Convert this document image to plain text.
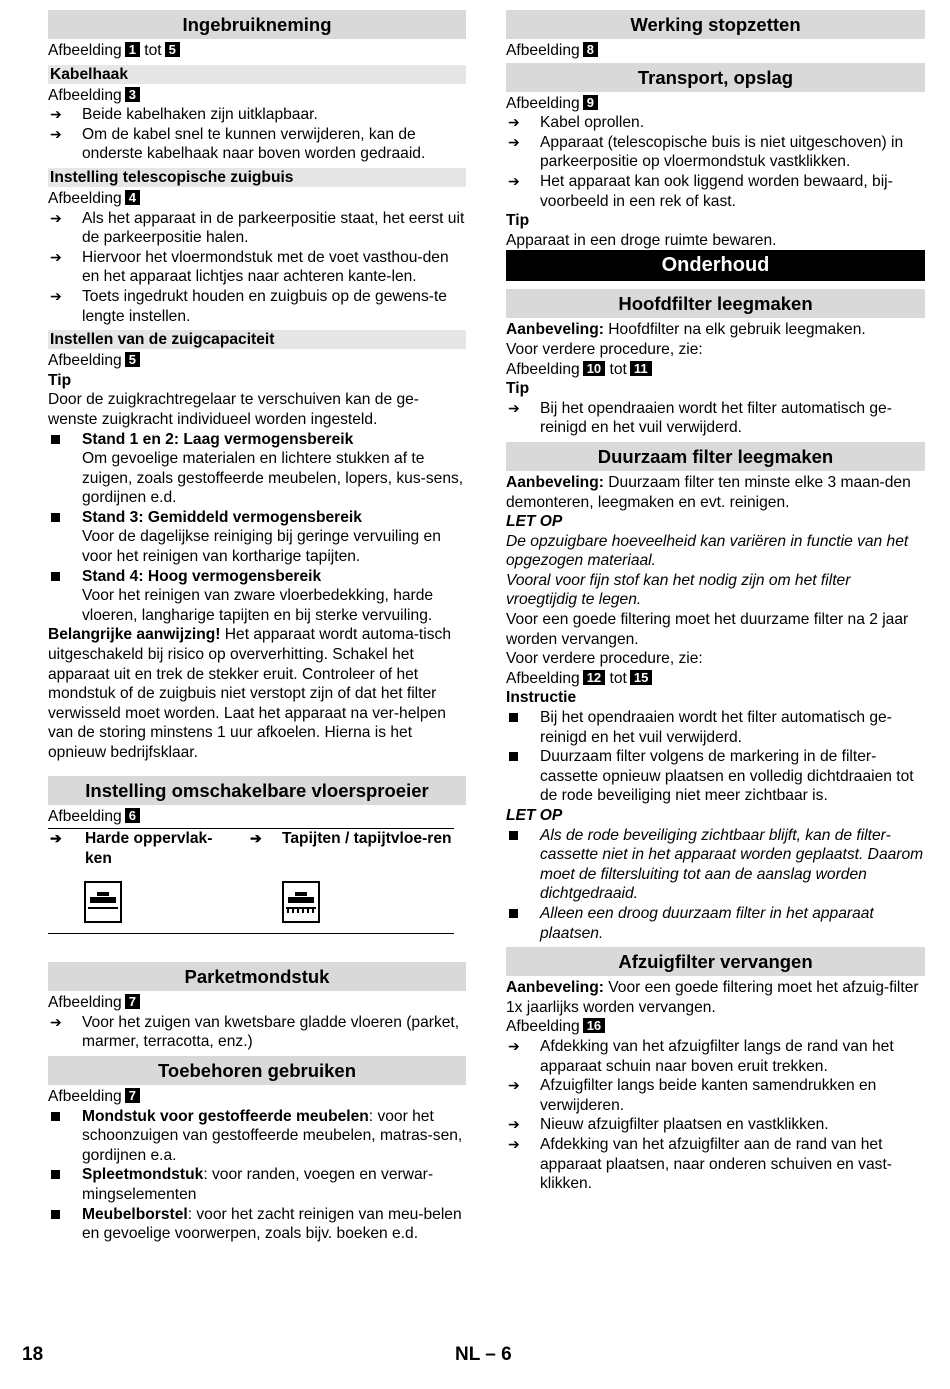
Ingebruikneming

Afbeelding 1 tot 5

Kabelhaak

Afbeelding 3

➔ Beide kabelhaken zijn uitklapbaar.

➔ Om de kabel snel te kunnen verwijderen, kan de onderste kabelhaak naar boven worden gedraaid.

Instelling telescopische zuigbuis

Afbeelding 4

➔ Als het apparaat in de parkeerpositie staat, het eerst uit de parkeerpositie halen.

➔ Hiervoor het vloermondstuk met de voet vasthou-den en het apparaat lichtjes naar achteren kante-len.

➔ Toets ingedrukt houden en zuigbuis op de gewens-te lengte instellen.

Instellen van de zuigcapaciteit

Afbeelding 5

Tip

Door de zuigkrachtregelaar te verschuiven kan de ge-wenste zuigkracht individueel worden ingesteld.

Stand 1 en 2: Laag vermogensbereik
Om gevoelige materialen en lichtere stukken af te zuigen, zoals gestoffeerde meubelen, lopers, kus-sens, gordijnen e.d.
Stand 3: Gemiddeld vermogensbereik
Voor de dagelijkse reiniging bij geringe vervuiling en voor het reinigen van kortharige tapijten.
Stand 4: Hoog vermogensbereik
Voor het reinigen van zware vloerbedekking, harde vloeren, langharige tapijten en bij sterke vervuiling.

Belangrijke aanwijzing! Het apparaat wordt automa-tisch uitgeschakeld bij risico op oververhitting. Schakel het apparaat uit en trek de stekker eruit. Controleer of het mondstuk of de zuigbuis niet verstopt zijn of dat het filter verwisseld moet worden. Laat het apparaat na ver-helpen van de storing minstens 1 uur afkoelen. Hierna is het opnieuw bedrijfsklaar.

Instelling omschakelbare vloersproeier

Afbeelding 6

➔ Harde oppervlak-ken

➔ Tapijten / tapijtvloe-ren

Parketmondstuk

Afbeelding 7

➔ Voor het zuigen van kwetsbare gladde vloeren (parket, marmer, terracotta, enz.)

Toebehoren gebruiken

Afbeelding 7

Mondstuk voor gestoffeerde meubelen: voor het schoonzuigen van gestoffeerde meubelen, matras-sen, gordijnen e.a.

Spleetmondstuk: voor randen, voegen en verwar-mingselementen

Meubelborstel: voor het zacht reinigen van meu-belen en gevoelige voorwerpen, zoals bijv. boeken e.d.

Werking stopzetten

Afbeelding 8

Transport, opslag

Afbeelding 9

➔ Kabel oprollen.

➔ Apparaat (telescopische buis is niet uitgeschoven) in parkeerpositie op vloermondstuk vastklikken.

➔ Het apparaat kan ook liggend worden bewaard, bij-voorbeeld in een rek of kast.

Tip

Apparaat in een droge ruimte bewaren.

Onderhoud
Hoofdfilter leegmaken

Aanbeveling: Hoofdfilter na elk gebruik leegmaken.

Voor verdere procedure, zie:

Afbeelding 10 tot 11

Tip

➔ Bij het opendraaien wordt het filter automatisch ge-reinigd en het vuil verwijderd.

Duurzaam filter leegmaken

Aanbeveling: Duurzaam filter ten minste elke 3 maan-den demonteren, leegmaken en evt. reinigen.

LET OP

De opzuigbare hoeveelheid kan variëren in functie van het opgezogen materiaal.

Vooral voor fijn stof kan het nodig zijn om het filter vroegtijdig te legen.

Voor een goede filtering moet het duurzame filter na 2 jaar worden vervangen.

Voor verdere procedure, zie:

Afbeelding 12 tot 15

Instructie

Bij het opendraaien wordt het filter automatisch ge-reinigd en het vuil verwijderd.

Duurzaam filter volgens de markering in de filter-cassette opnieuw plaatsen en volledig dichtdraaien tot de rode beveiliging niet meer zichtbaar is.

LET OP

Als de rode beveiliging zichtbaar blijft, kan de filter-cassette niet in het apparaat worden geplaatst. Daarom moet de filtersluiting tot aan de aanslag worden dichtgedraaid.

Alleen een droog duurzaam filter in het apparaat plaatsen.

Afzuigfilter vervangen

Aanbeveling: Voor een goede filtering moet het afzuig-filter 1x jaarlijks worden vervangen.

Afbeelding 16

➔ Afdekking van het afzuigfilter langs de rand van het apparaat schuin naar boven eruit trekken.

➔ Afzuigfilter langs beide kanten samendrukken en verwijderen.

➔ Nieuw afzuigfilter plaatsen en vastklikken.

➔ Afdekking van het afzuigfilter aan de rand van het apparaat plaatsen, naar onderen schuiven en vast-klikken.

18	NL – 6
